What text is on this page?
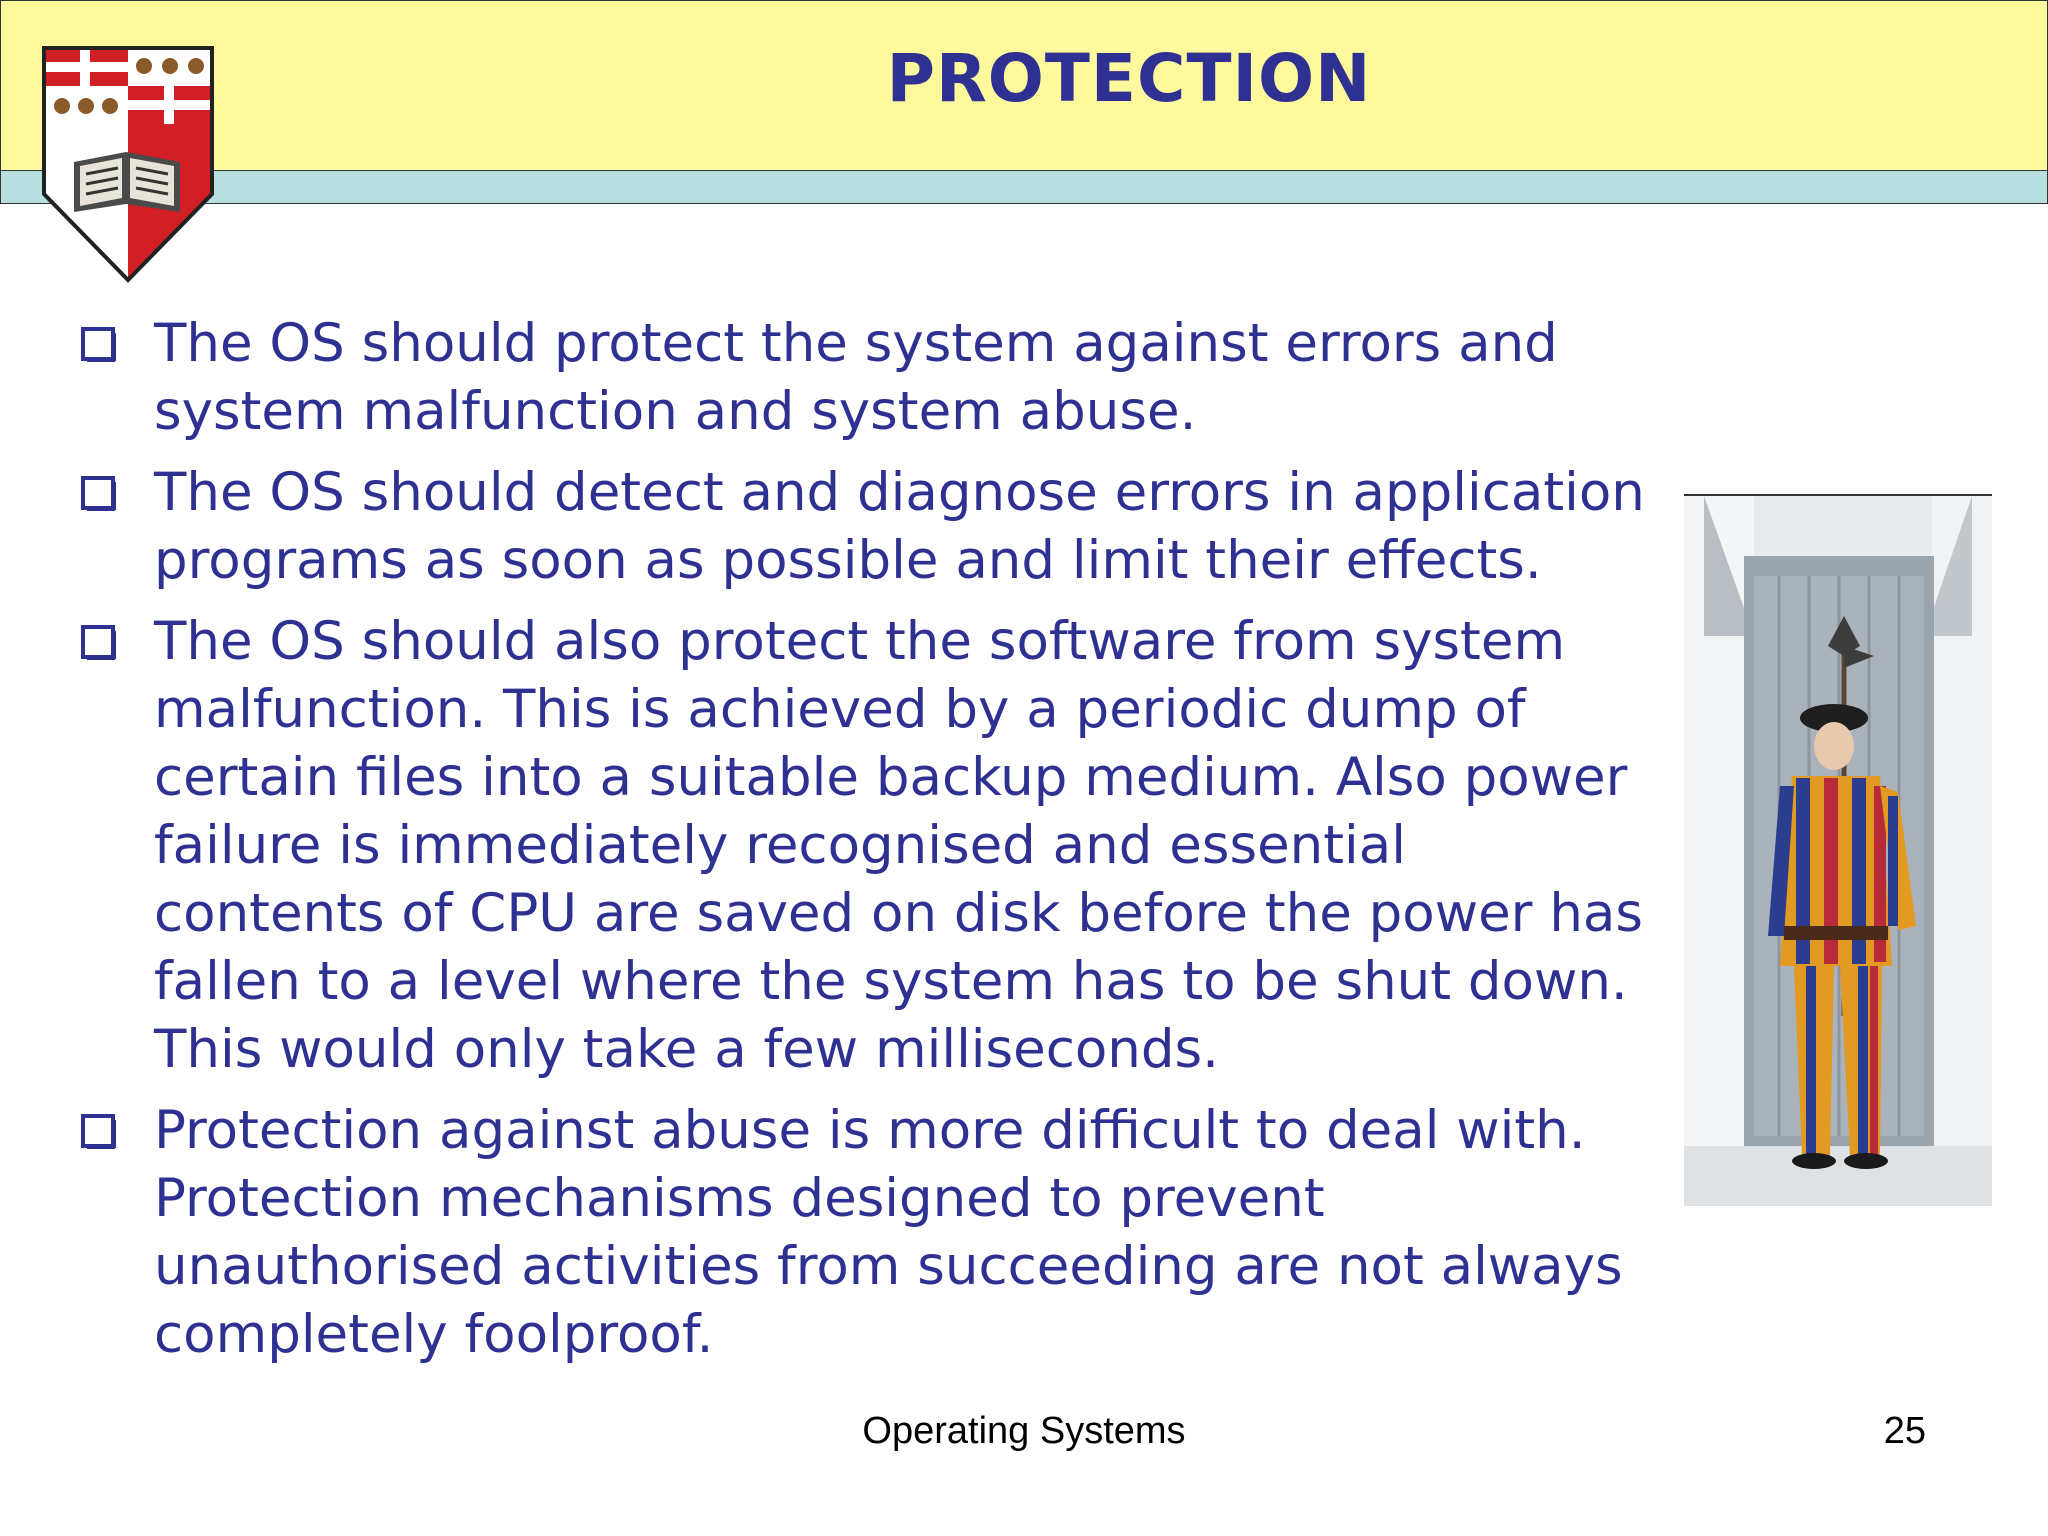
PROTECTION
The OS should protect the system against errors and system malfunction and system abuse.
The OS should detect and diagnose errors in application programs as soon as possible and limit their effects.
The OS should also protect the software from system malfunction. This is achieved by a periodic dump of certain files into a suitable backup medium. Also power failure is immediately recognised and essential contents of CPU are saved on disk before the power has fallen to a level where the system has to be shut down. This would only take a few milliseconds.
Protection against abuse is more difficult to deal with. Protection mechanisms designed to prevent unauthorised activities from succeeding are not always completely foolproof.
Operating Systems	25
